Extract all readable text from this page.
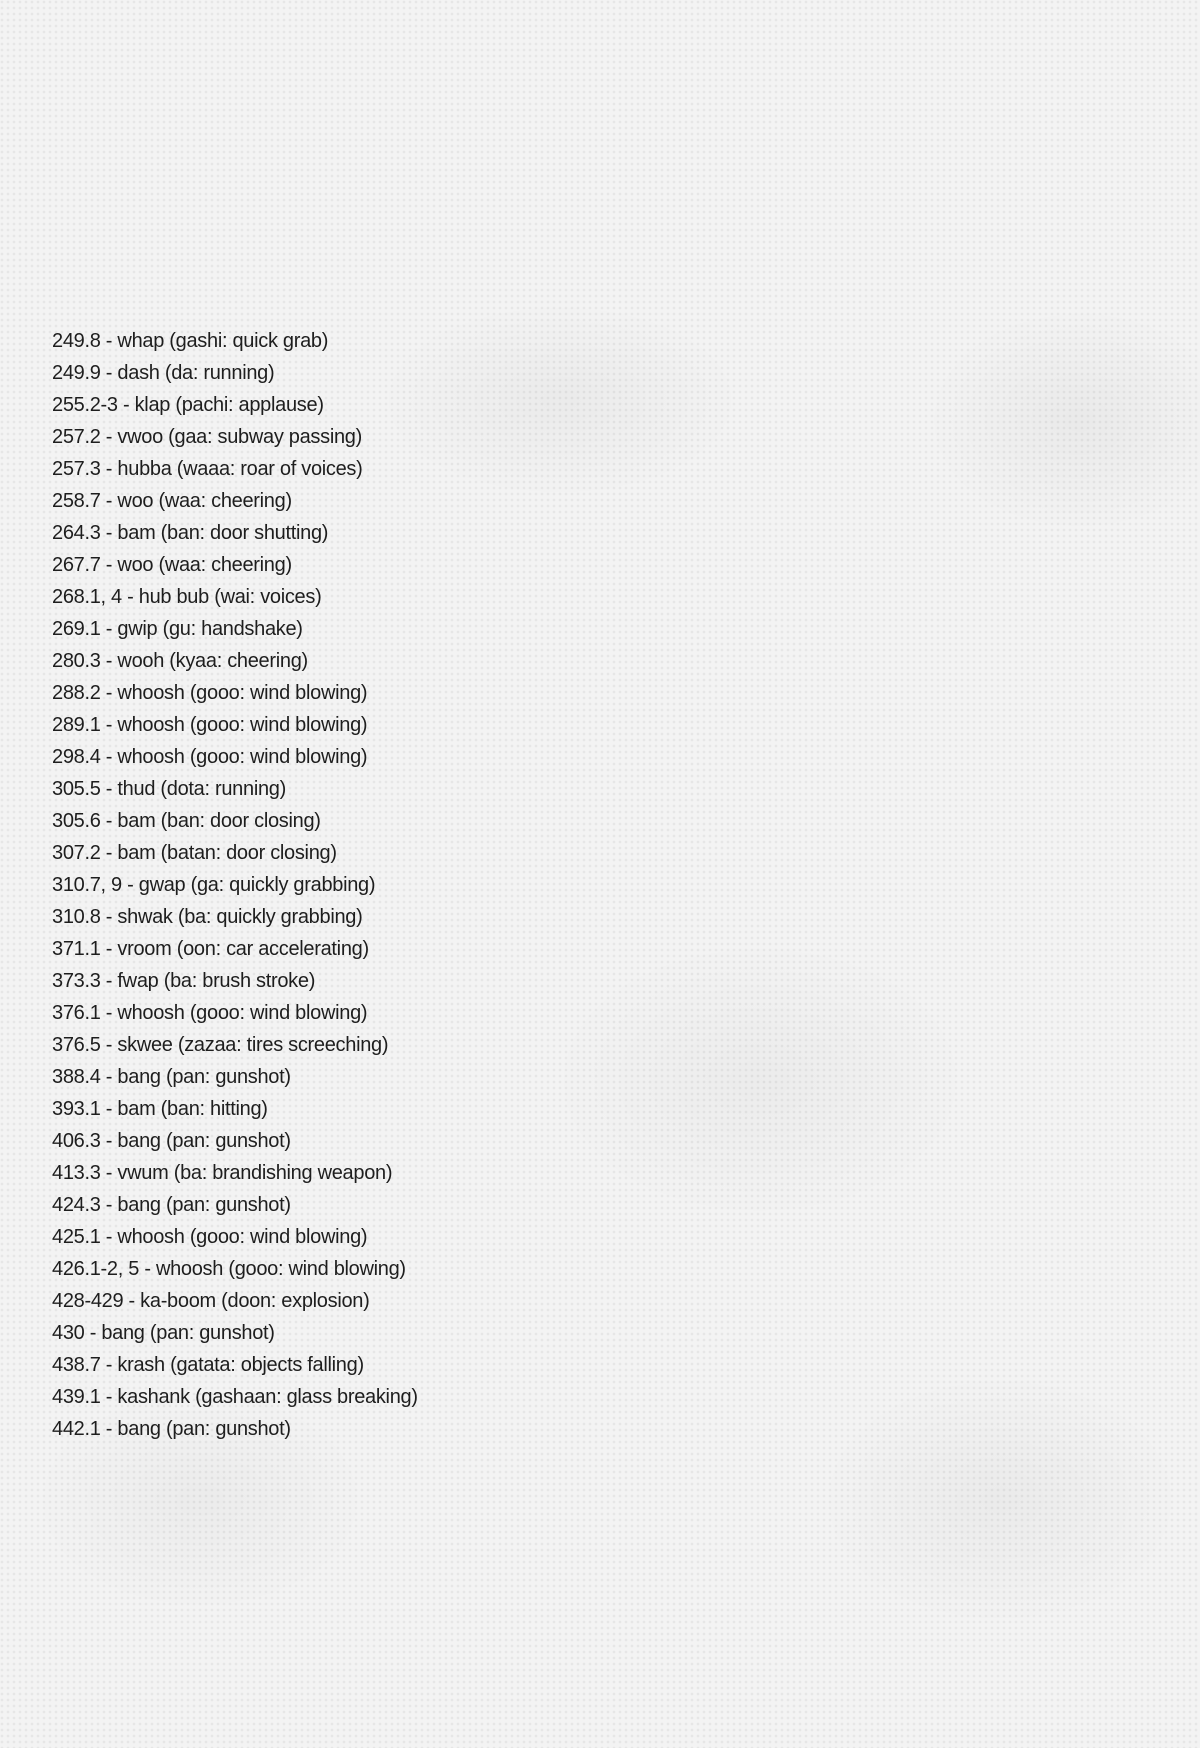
249.8 - whap (gashi: quick grab)
249.9 - dash (da: running)
255.2-3 - klap (pachi: applause)
257.2 - vwoo (gaa: subway passing)
257.3 - hubba (waaa: roar of voices)
258.7 - woo (waa: cheering)
264.3 - bam (ban: door shutting)
267.7 - woo (waa: cheering)
268.1, 4 - hub bub (wai: voices)
269.1 - gwip (gu: handshake)
280.3 - wooh (kyaa: cheering)
288.2 - whoosh (gooo: wind blowing)
289.1 - whoosh (gooo: wind blowing)
298.4 - whoosh (gooo: wind blowing)
305.5 - thud (dota: running)
305.6 - bam (ban: door closing)
307.2 - bam (batan: door closing)
310.7, 9 - gwap (ga: quickly grabbing)
310.8 - shwak (ba: quickly grabbing)
371.1 - vroom (oon: car accelerating)
373.3 - fwap (ba: brush stroke)
376.1 - whoosh (gooo: wind blowing)
376.5 - skwee (zazaa: tires screeching)
388.4 - bang (pan: gunshot)
393.1 - bam (ban: hitting)
406.3 - bang (pan: gunshot)
413.3 - vwum (ba: brandishing weapon)
424.3 - bang (pan: gunshot)
425.1 - whoosh (gooo: wind blowing)
426.1-2, 5 - whoosh (gooo: wind blowing)
428-429 - ka-boom (doon: explosion)
430 - bang (pan: gunshot)
438.7 - krash (gatata: objects falling)
439.1 - kashank (gashaan: glass breaking)
442.1 - bang (pan: gunshot)
